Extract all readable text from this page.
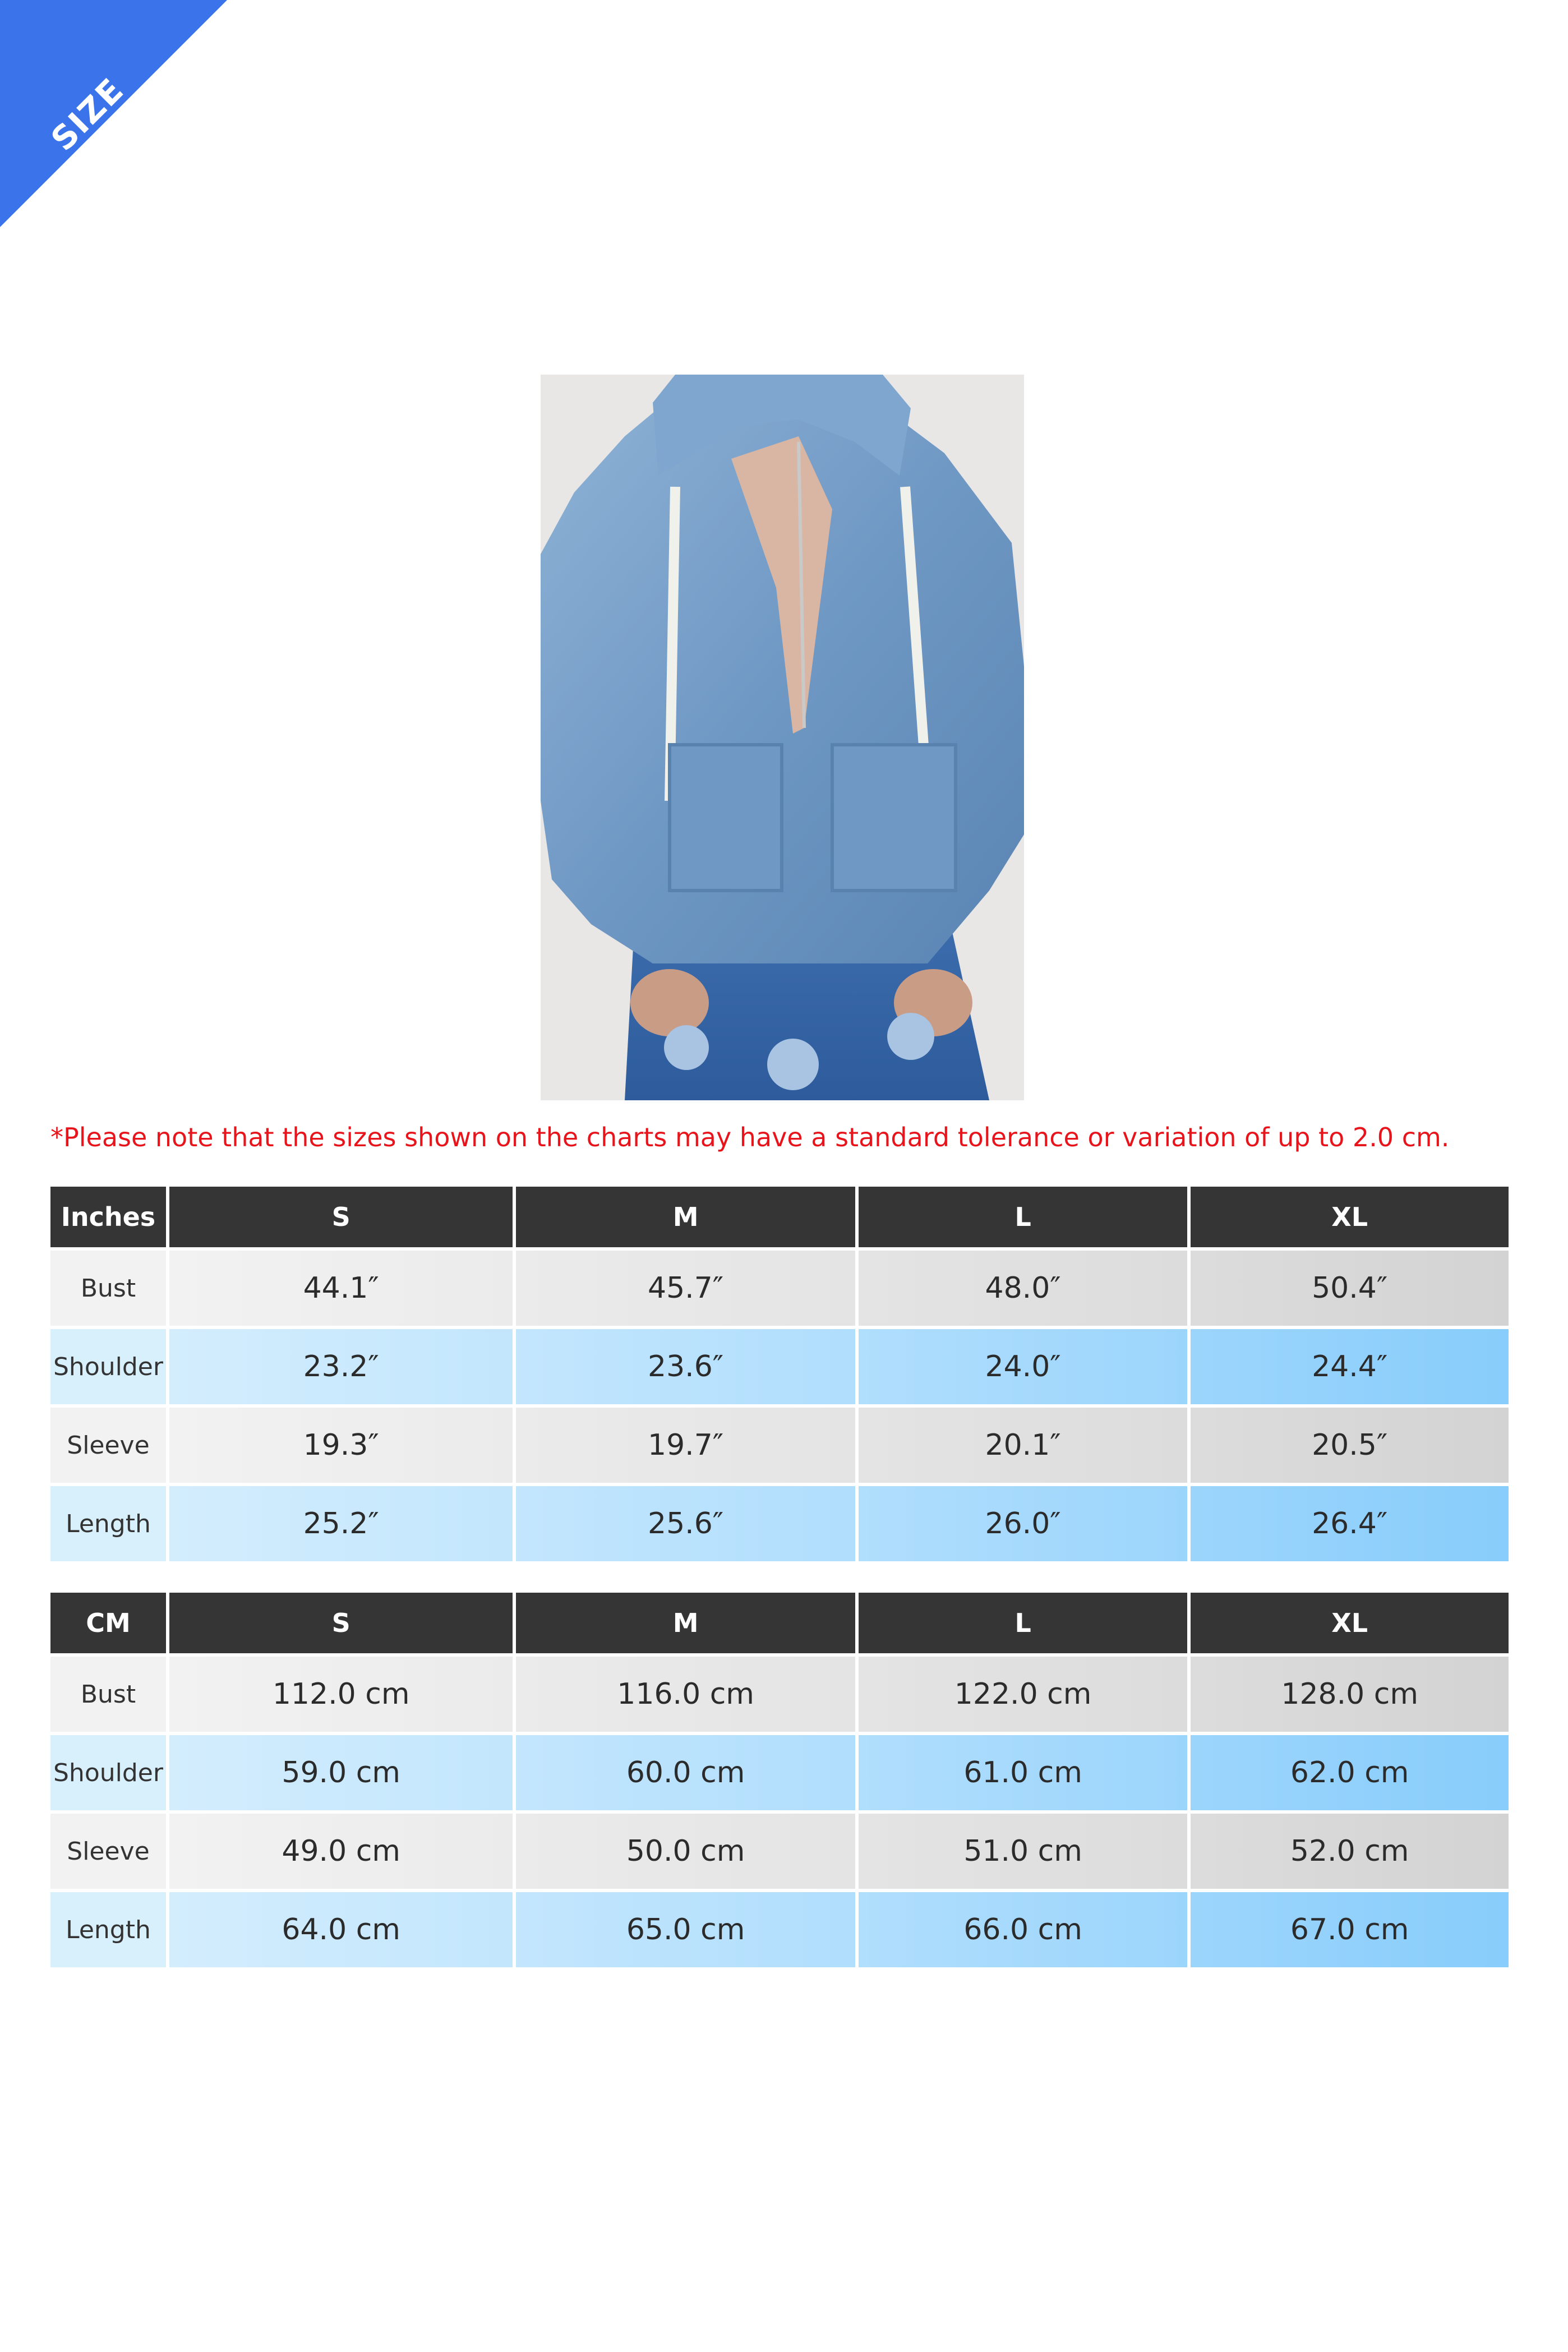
SIZE CHART
*Please note that the sizes shown on the charts may have a standard tolerance or variation of up to 2.0 cm.
Inches	S	M	L	XL
Bust	44.1″	45.7″	48.0″	50.4″
Shoulder	23.2″	23.6″	24.0″	24.4″
Sleeve	19.3″	19.7″	20.1″	20.5″
Length	25.2″	25.6″	26.0″	26.4″
CM	S	M	L	XL
Bust	112.0 cm	116.0 cm	122.0 cm	128.0 cm
Shoulder	59.0 cm	60.0 cm	61.0 cm	62.0 cm
Sleeve	49.0 cm	50.0 cm	51.0 cm	52.0 cm
Length	64.0 cm	65.0 cm	66.0 cm	67.0 cm
